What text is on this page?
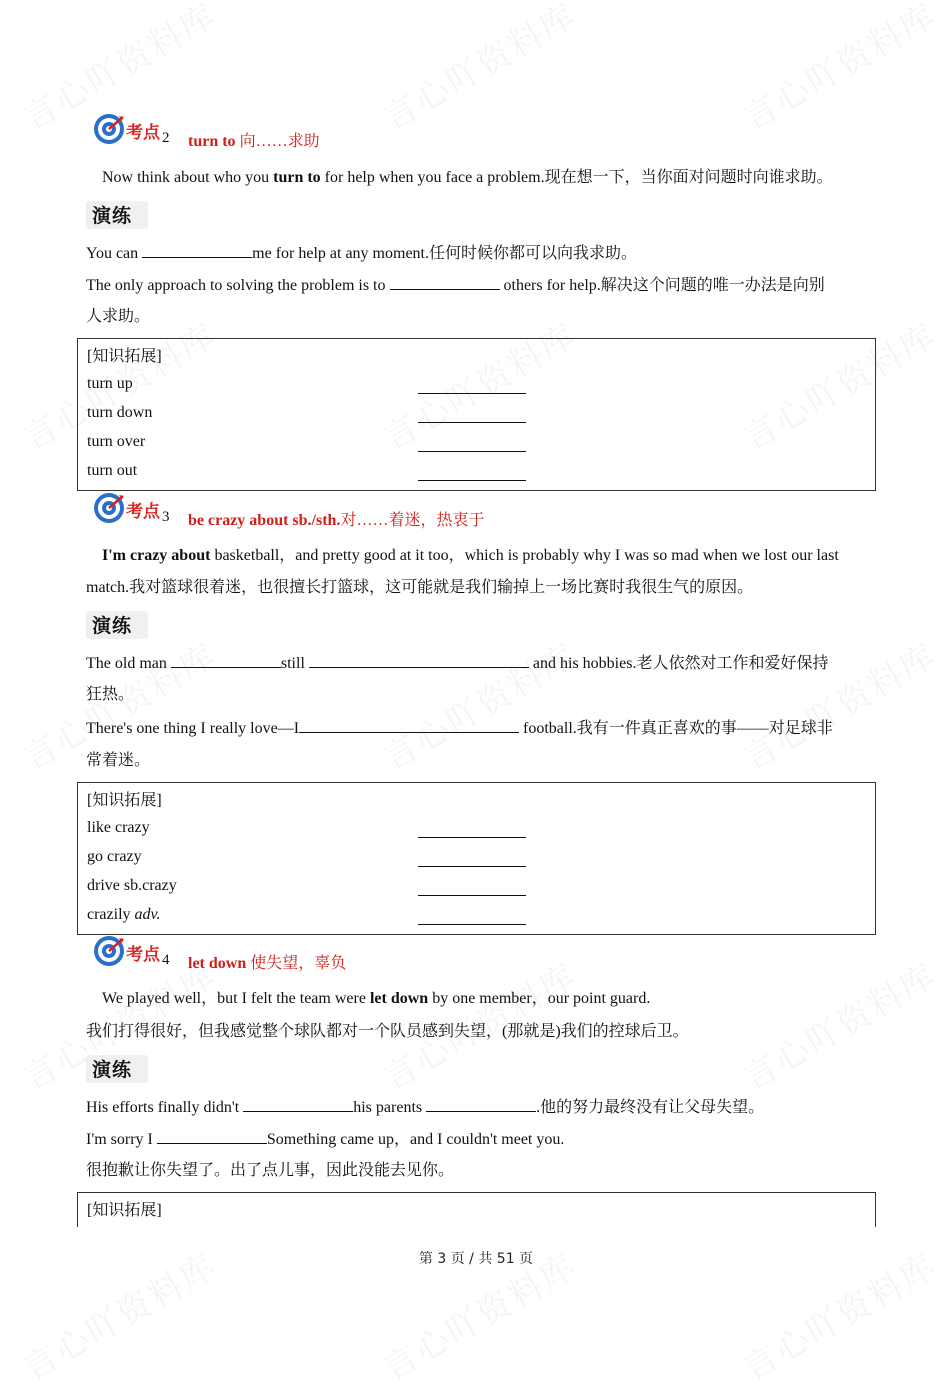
考点 2 turn to 向……求助
Now think about who you turn to for help when you face a problem.现在想一下，当你面对问题时向谁求助。
演练
You can	me for help at any moment.任何时候你都可以向我求助。
The only approach to solving the problem is to	others for help.解决这个问题的唯一办法是向别
人求助。
[知识拓展]
turn up
turn down
turn over
turn out
考点 3 be crazy about sb./sth.对……着迷，热衷于
I'm crazy about basketball，and pretty good at it too，which is probably why I was so mad when we lost our last
match.我对篮球很着迷，也很擅长打篮球，这可能就是我们输掉上一场比赛时我很生气的原因。
演练
The old man	still	and his hobbies.老人依然对工作和爱好保持
狂热。
There's one thing I really love—I	football.我有一件真正喜欢的事——对足球非
常着迷。
[知识拓展]
like crazy
go crazy
drive sb.crazy
crazily adv.
考点 4 let down 使失望，辜负
We played well，but I felt the team were let down by one member，our point guard.
我们打得很好，但我感觉整个球队都对一个队员感到失望，(那就是)我们的控球后卫。
演练
His efforts finally didn't	his parents	.他的努力最终没有让父母失望。
I'm sorry I	Something came up，and I couldn't meet you.
很抱歉让你失望了。出了点儿事，因此没能去见你。
[知识拓展]
第 3 页 / 共 51 页
